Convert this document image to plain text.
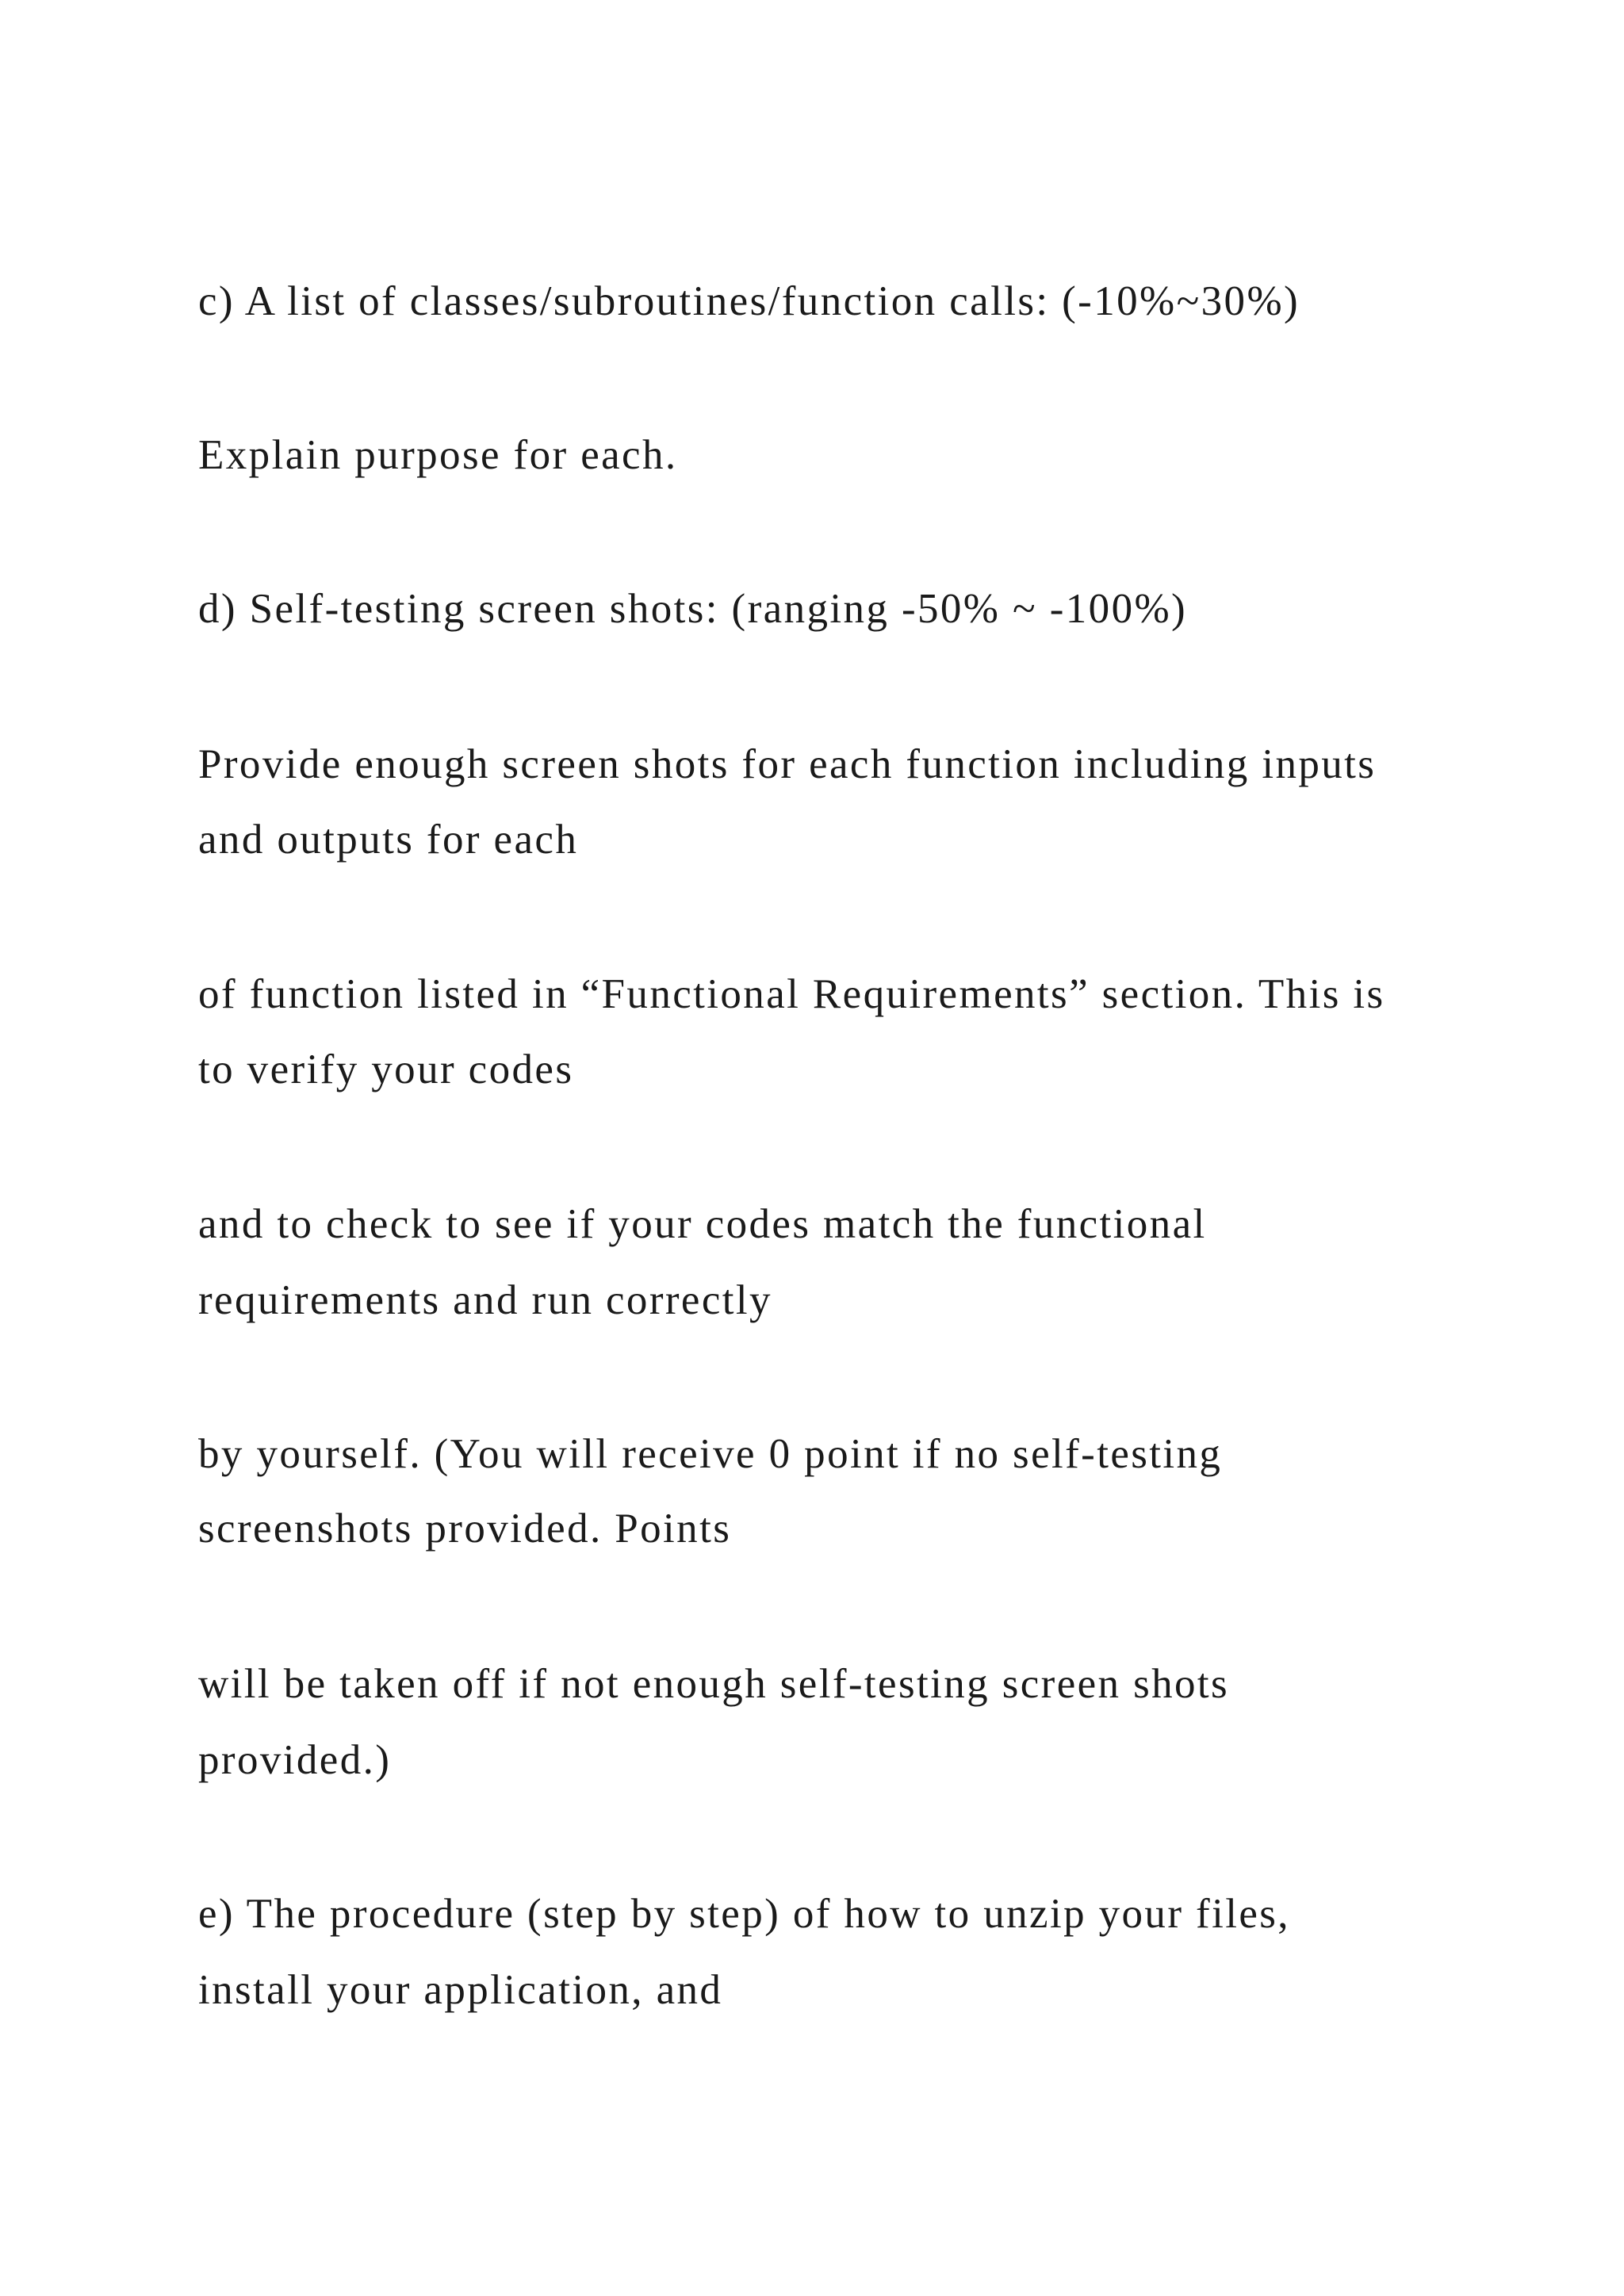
c) A list of classes/subroutines/function calls: (-10%~30%)

Explain purpose for each.

d) Self-testing screen shots: (ranging -50% ~ -100%)

Provide enough screen shots for each function including inputs

and outputs for each

of function listed in “Functional Requirements” section. This is

to verify your codes

and to check to see if your codes match the functional

requirements and run correctly

by yourself. (You will receive 0 point if no self-testing

screenshots provided. Points

will be taken off if not enough self-testing screen shots

provided.)

e) The procedure (step by step) of how to unzip your files,

install your application, and
